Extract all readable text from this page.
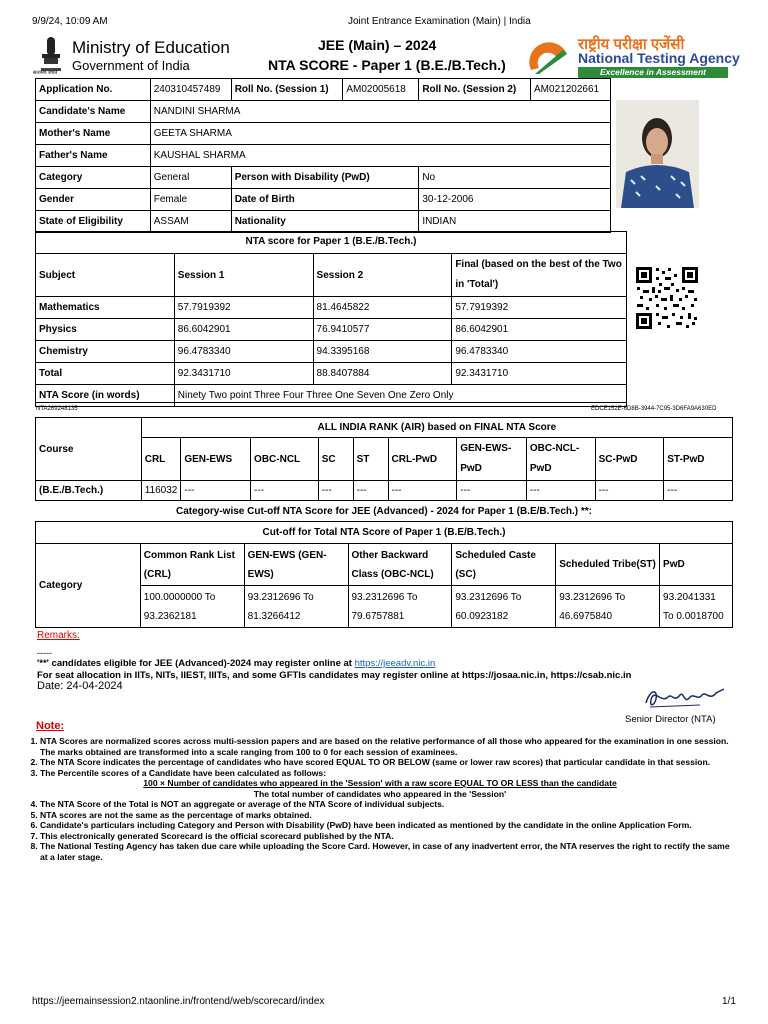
9/9/24, 10:09 AM	Joint Entrance Examination (Main) | India
सत्यमेव जयते
Ministry of Education
Government of India
JEE (Main) – 2024
NTA SCORE - Paper 1 (B.E./B.Tech.)
राष्ट्रीय परीक्षा एजेंसी
National Testing Agency
Excellence in Assessment
Application No.	240310457489	Roll No. (Session 1)	AM02005618	Roll No. (Session 2)	AM021202661
Candidate's Name	NANDINI SHARMA				
Mother's Name	GEETA SHARMA				
Father's Name	KAUSHAL SHARMA				
Category	General	Person with Disability (PwD)		No	
Gender	Female	Date of Birth		30-12-2006	
State of Eligibility	ASSAM	Nationality		INDIAN	
NTA score for Paper 1 (B.E./B.Tech.)
Subject	Session 1	Session 2	Final (based on the best of the Two in 'Total')
Mathematics	57.7919392	81.4645822	57.7919392
Physics	86.6042901	76.9410577	86.6042901
Chemistry	96.4783340	94.3395168	96.4783340
Total	92.3431710	88.8407884	92.3431710
NTA Score (in words)	Ninety Two point Three Four Three One Seven One Zero Only		
NTA269248135	EDCE152E-6D8B-3944-7C95-3D6FA9A630ED
Course	ALL INDIA RANK (AIR) based on FINAL NTA Score									
	CRL	GEN-EWS	OBC-NCL	SC	ST	CRL-PwD	GEN-EWS-PwD	OBC-NCL-PwD	SC-PwD	ST-PwD
(B.E./B.Tech.)	116032	---	---	---	---	---	---	---	---	---
Category-wise Cut-off NTA Score for JEE (Advanced) - 2024 for Paper 1 (B.E/B.Tech.) **:
Cut-off for Total NTA Score of Paper 1 (B.E/B.Tech.)						
Category	Common Rank List (CRL)	GEN-EWS (GEN-EWS)	Other Backward Class (OBC-NCL)	Scheduled Caste (SC)	Scheduled Tribe(ST)	PwD
	100.0000000 To 93.2362181	93.2312696 To 81.3266412	93.2312696 To 79.6757881	93.2312696 To 60.0923182	93.2312696 To 46.6975840	93.2041331 To 0.0018700
Remarks:
-----
'**' candidates eligible for JEE (Advanced)-2024 may register online at https://jeeadv.nic.in
For seat allocation in IITs, NITs, IIEST, IIITs, and some GFTIs candidates may register online at https://josaa.nic.in, https://csab.nic.in
Date: 24-04-2024
Senior Director (NTA)
Note:
1. NTA Scores are normalized scores across multi-session papers and are based on the relative performance of all those who appeared for the examination in one session. The marks obtained are transformed into a scale ranging from 100 to 0 for each session of examinees.
2. The NTA Score indicates the percentage of candidates who have scored EQUAL TO OR BELOW (same or lower raw scores) that particular candidate in that session.
3. The Percentile scores of a Candidate have been calculated as follows:
100 × Number of candidates who appeared in the 'Session' with a raw score EQUAL TO OR LESS than the candidate
The total number of candidates who appeared in the 'Session'
4. The NTA Score of the Total is NOT an aggregate or average of the NTA Score of individual subjects.
5. NTA scores are not the same as the percentage of marks obtained.
6. Candidate's particulars including Category and Person with Disability (PwD) have been indicated as mentioned by the candidate in the online Application Form.
7. This electronically generated Scorecard is the official scorecard published by the NTA.
8. The National Testing Agency has taken due care while uploading the Score Card. However, in case of any inadvertent error, the NTA reserves the right to rectify the same at a later stage.
https://jeemainsession2.ntaonline.in/frontend/web/scorecard/index	1/1
